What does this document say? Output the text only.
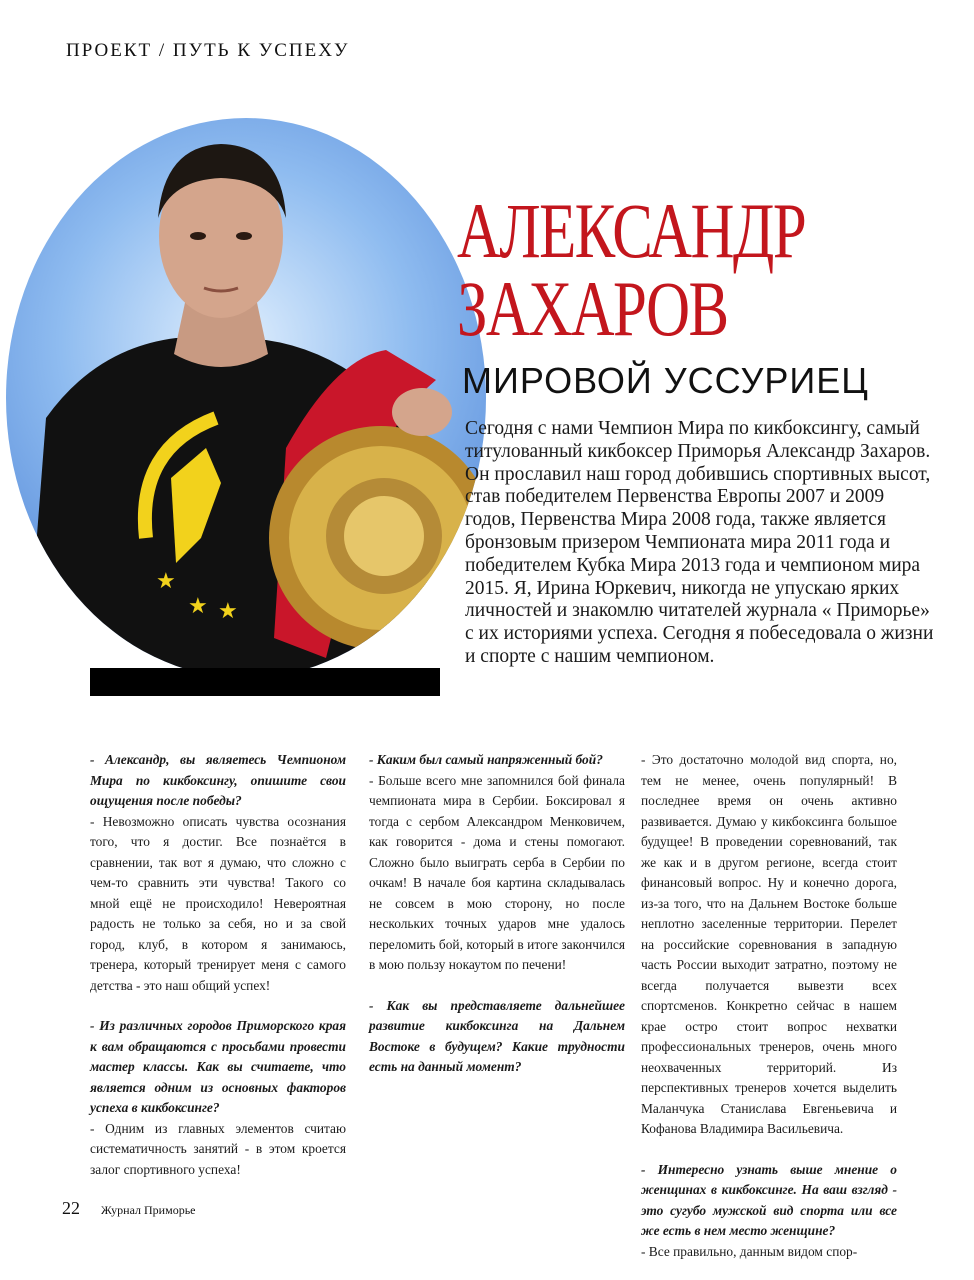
ПРОЕКТ / ПУТЬ К УСПЕХУ
★
★ ★
АЛЕКСАНДР
ЗАХАРОВ
МИРОВОЙ УССУРИЕЦ

Сегодня с нами Чемпион Мира по кикбоксингу, самый титулованный кикбоксер Приморья Александр Захаров. Он прославил наш город добившись спортивных высот, став победителем Первенства Европы 2007 и 2009 годов, Первенства Мира 2008 года, также является бронзовым призером Чемпионата мира 2011 года и победителем Кубка Мира 2013 года и чемпионом мира 2015. Я, Ирина Юркевич, никогда не упускаю ярких личностей и знакомлю читателей журнала « Приморье» с их историями успеха. Сегодня я побеседовала о жизни и спорте с нашим чемпионом.

- Александр, вы являетесь Чемпионом Мира по кикбоксингу, опишите свои ощущения после победы?

- Невозможно описать чувства осознания того, что я достиг. Все познаётся в сравнении, так вот я думаю, что сложно с чем-то сравнить эти чувства! Такого со мной ещё не происходило! Невероятная радость не только за себя, но и за свой город, клуб, в котором я занимаюсь, тренера, который тренирует меня с самого детства - это наш общий успех!

- Из различных городов Приморского края к вам обращаются с просьбами провести мастер классы. Как вы считаете, что является одним из основных факторов успеха в кикбоксинге?

- Одним из главных элементов считаю систематичность занятий - в этом кроется залог спортивного успеха!

- Каким был самый напряженный бой?

- Больше всего мне запомнился бой финала чемпионата мира в Сербии. Боксировал я тогда с сербом Александром Менковичем, как говорится - дома и стены помогают. Сложно было выиграть серба в Сербии по очкам! В начале боя картина складывалась не совсем в мою сторону, но после нескольких точных ударов мне удалось переломить бой, который в итоге закончился в мою пользу нокаутом по печени!

- Как вы представляете дальнейшее развитие кикбоксинга на Дальнем Востоке в будущем? Какие трудности есть на данный момент?

- Это достаточно молодой вид спорта, но, тем не менее, очень популярный! В последнее время он очень активно развивается. Думаю у кикбоксинга большое будущее! В проведении соревнований, так же как и в другом регионе, всегда стоит финансовый вопрос. Ну и конечно дорога, из-за того, что на Дальнем Востоке больше неплотно заселенные территории. Перелет на российские соревнования в западную часть России выходит затратно, поэтому не всегда получается вывезти всех спортсменов. Конкретно сейчас в нашем крае остро стоит вопрос нехватки профессиональных тренеров, очень много неохваченных территорий. Из перспективных тренеров хочется выделить Маланчука Станислава Евгеньевича и Кофанова Владимира Васильевича.

- Интересно узнать выше мнение о женщинах в кикбоксинге. На ваш взгляд - это сугубо мужской вид спорта или все же есть в нем место женщине?

- Все правильно, данным видом спор-

22 Журнал Приморье
